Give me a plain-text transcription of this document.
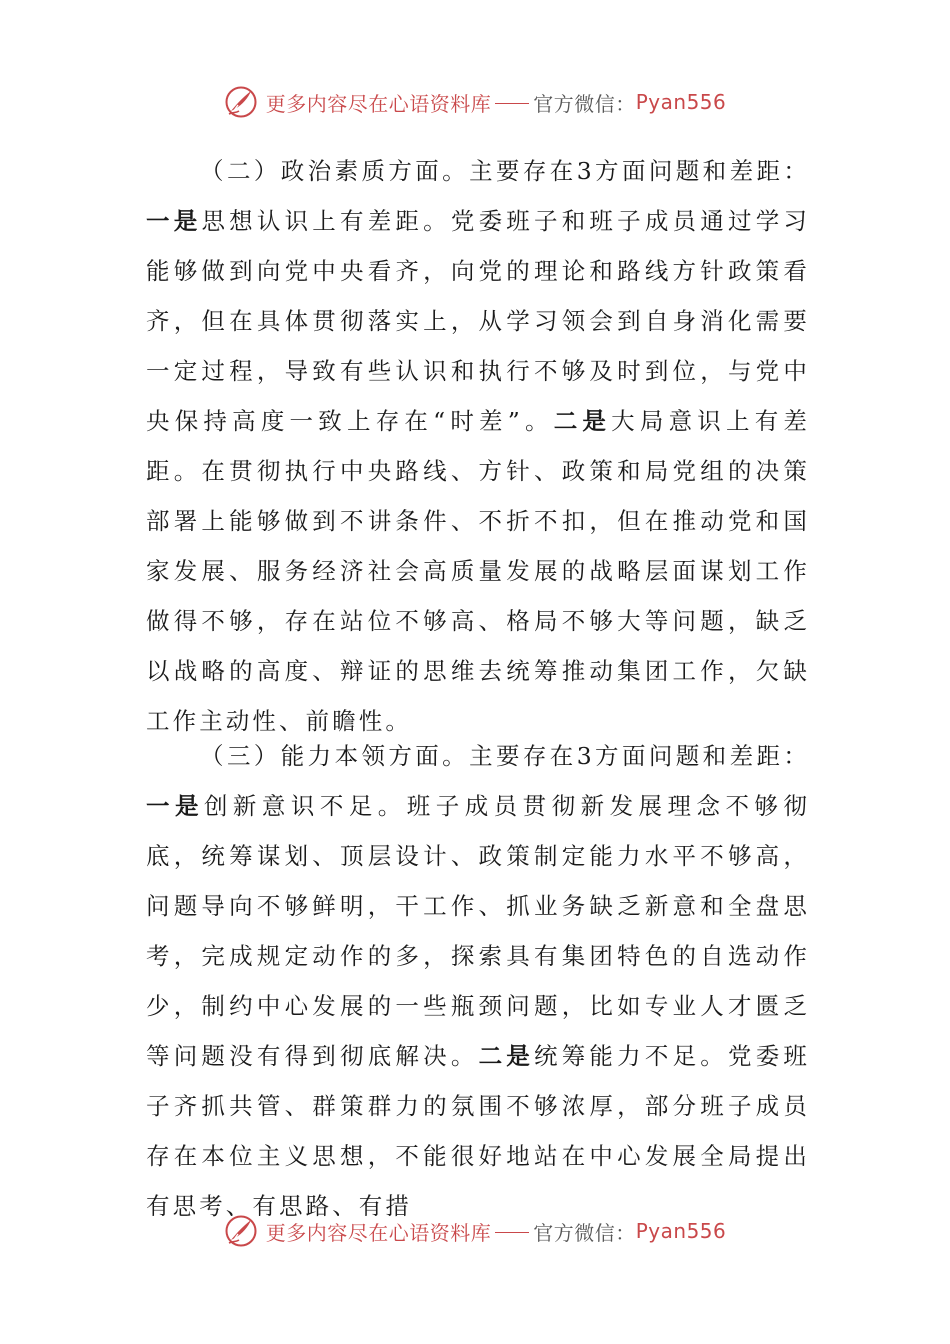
更多内容尽在心语资料库 官方微信： Pyan556

（二）政治素质方面。主要存在3方面问题和差距：一是思想认识上有差距。党委班子和班子成员通过学习能够做到向党中央看齐，向党的理论和路线方针政策看齐，但在具体贯彻落实上，从学习领会到自身消化需要一定过程，导致有些认识和执行不够及时到位，与党中央保持高度一致上存在“时差”。二是大局意识上有差距。在贯彻执行中央路线、方针、政策和局党组的决策部署上能够做到不讲条件、不折不扣，但在推动党和国家发展、服务经济社会高质量发展的战略层面谋划工作做得不够，存在站位不够高、格局不够大等问题，缺乏以战略的高度、辩证的思维去统筹推动集团工作，欠缺工作主动性、前瞻性。

（三）能力本领方面。主要存在3方面问题和差距：一是创新意识不足。班子成员贯彻新发展理念不够彻底，统筹谋划、顶层设计、政策制定能力水平不够高，问题导向不够鲜明，干工作、抓业务缺乏新意和全盘思考，完成规定动作的多，探索具有集团特色的自选动作少，制约中心发展的一些瓶颈问题，比如专业人才匮乏等问题没有得到彻底解决。二是统筹能力不足。党委班子齐抓共管、群策群力的氛围不够浓厚，部分班子成员存在本位主义思想，不能很好地站在中心发展全局提出有思考、有思路、有措

更多内容尽在心语资料库 官方微信： Pyan556
